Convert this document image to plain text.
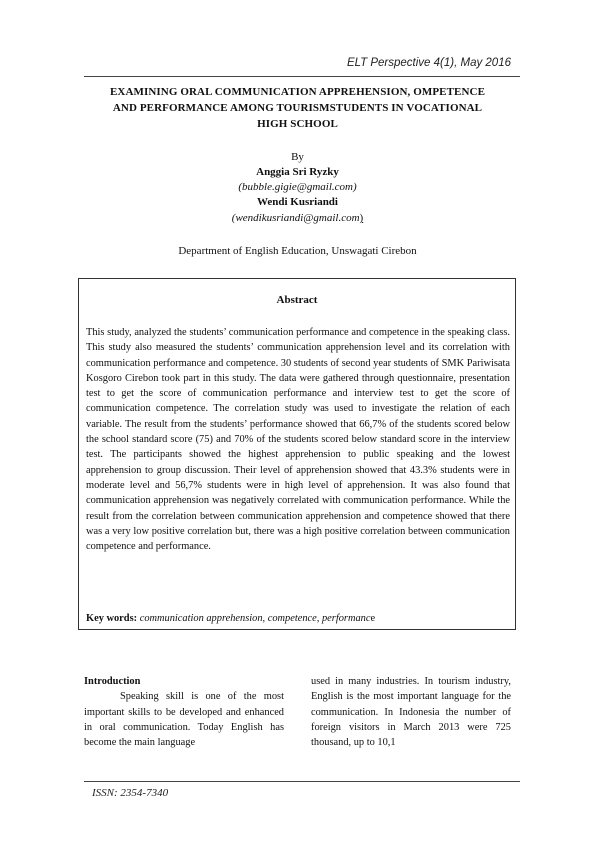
ELT Perspective 4(1), May 2016
EXAMINING ORAL COMMUNICATION APPREHENSION, OMPETENCE
AND PERFORMANCE AMONG TOURISMSTUDENTS IN VOCATIONAL
HIGH SCHOOL
By
Anggia Sri Ryzky
(bubble.gigie@gmail.com)
Wendi Kusriandi
(wendikusriandi@gmail.com)
Department of English Education, Unswagati Cirebon
Abstract
This study, analyzed the students’ communication performance and competence in the speaking class. This study also measured the students’ communication apprehension level and its correlation with communication performance and competence. 30 students of second year students of SMK Pariwisata Kosgoro Cirebon took part in this study. The data were gathered through questionnaire, presentation test to get the score of communication performance and interview test to get the score of communication competence. The correlation study was used to investigate the relation of each variable. The result from the students’ performance showed that 66,7% of the students scored below the school standard score (75) and 70% of the students scored below standard score in the interview test. The participants showed the highest apprehension to public speaking and the lowest apprehension to group discussion. Their level of apprehension showed that 43.3% students were in moderate level and 56,7% students were in high level of apprehension. It was also found that communication apprehension was negatively correlated with communication performance. While the result from the correlation between communication apprehension and competence showed that there was a very low positive correlation but, there was a high positive correlation between communication competence and performance.
Key words: communication apprehension, competence, performance
Introduction
Speaking skill is one of the most important skills to be developed and enhanced in oral communication. Today English has become the main language
used in many industries. In tourism industry, English is the most important language for the communication. In Indonesia the number of foreign visitors in March 2013 were 725 thousand, up to 10,1
ISSN: 2354-7340
